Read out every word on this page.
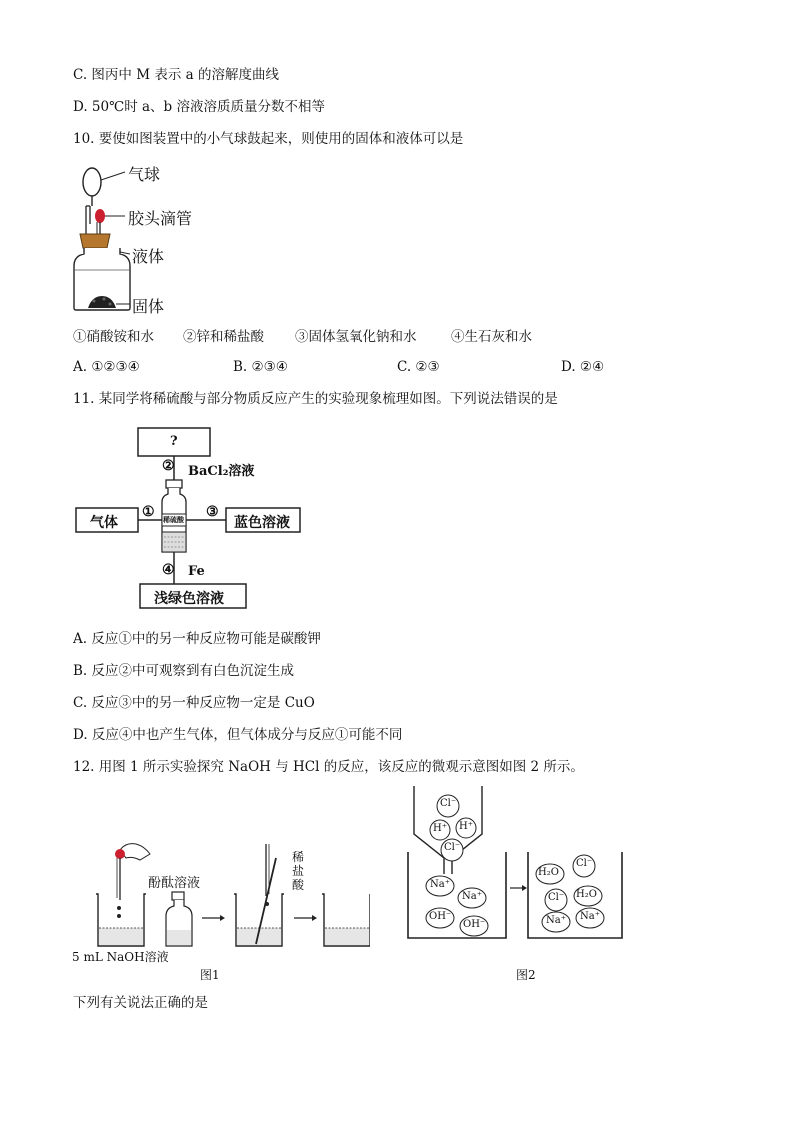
C. 图丙中 M 表示 a 的溶解度曲线
D. 50℃时 a、b 溶液溶质质量分数不相等
10. 要使如图装置中的小气球鼓起来，则使用的固体和液体可以是
气球
胶头滴管
液体
固体
①硝酸铵和水 ②锌和稀盐酸 ③固体氢氧化钠和水	④生石灰和水
A. ①②③④	B. ②③④	C. ②③	D. ②④
11. 某同学将稀硫酸与部分物质反应产生的实验现象梳理如图。下列说法错误的是
?
② BaCl₂溶液
气体
① 稀硫酸 ③
蓝色溶液
④ Fe
浅绿色溶液
A. 反应①中的另一种反应物可能是碳酸钾
B. 反应②中可观察到有白色沉淀生成
C. 反应③中的另一种反应物一定是 CuO
D. 反应④中也产生气体，但气体成分与反应①可能不同
12. 用图 1 所示实验探究 NaOH 与 HCl 的反应，该反应的微观示意图如图 2 所示。
酚酞溶液
稀
盐
酸
5 mL NaOH溶液
图1
Cl⁻
H⁺ H⁺
Cl⁻
Na⁺
Na⁺
OH⁻
OH⁻
H₂O
Cl⁻
Cl⁻ H₂O
Na⁺ Na⁺
图2
下列有关说法正确的是
